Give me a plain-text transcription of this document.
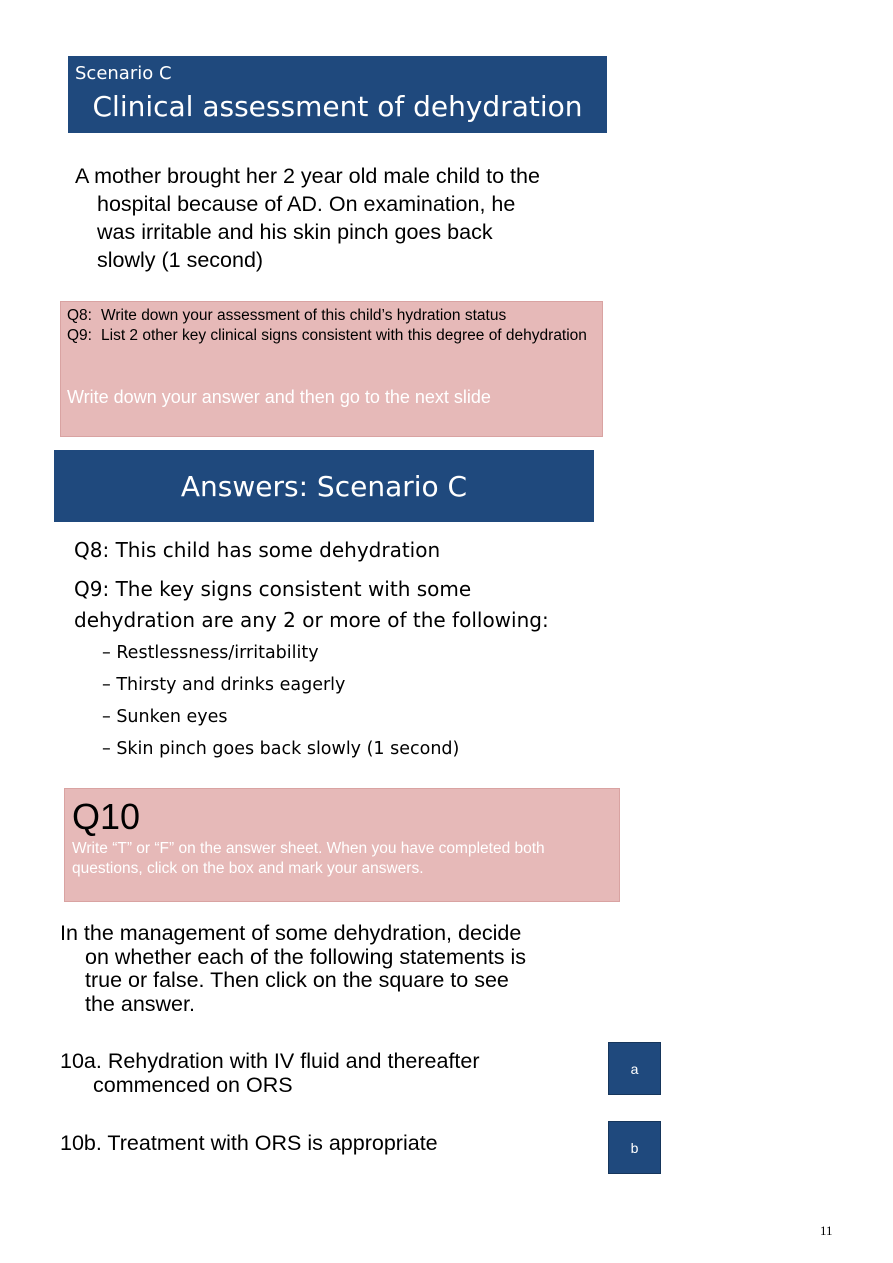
Scenario C
Clinical assessment of dehydration
A mother brought her 2 year old male child to the
hospital because of AD. On examination, he
was irritable and his skin pinch goes back
slowly (1 second)
Q8: Write down your assessment of this child’s hydration status
Q9: List 2 other key clinical signs consistent with this degree of dehydration
Write down your answer and then go to the next slide
Answers: Scenario C
Q8: This child has some dehydration
Q9: The key signs consistent with some dehydration are any 2 or more of the following:
– Restlessness/irritability
– Thirsty and drinks eagerly
– Sunken eyes
– Skin pinch goes back slowly (1 second)
Q10
Write “T” or “F” on the answer sheet. When you have completed both questions, click on the box and mark your answers.
In the management of some dehydration, decide
on whether each of the following statements is
true or false. Then click on the square to see
the answer.
10a. Rehydration with IV fluid and thereafter
commenced on ORS
10b. Treatment with ORS is appropriate
a
b
11
